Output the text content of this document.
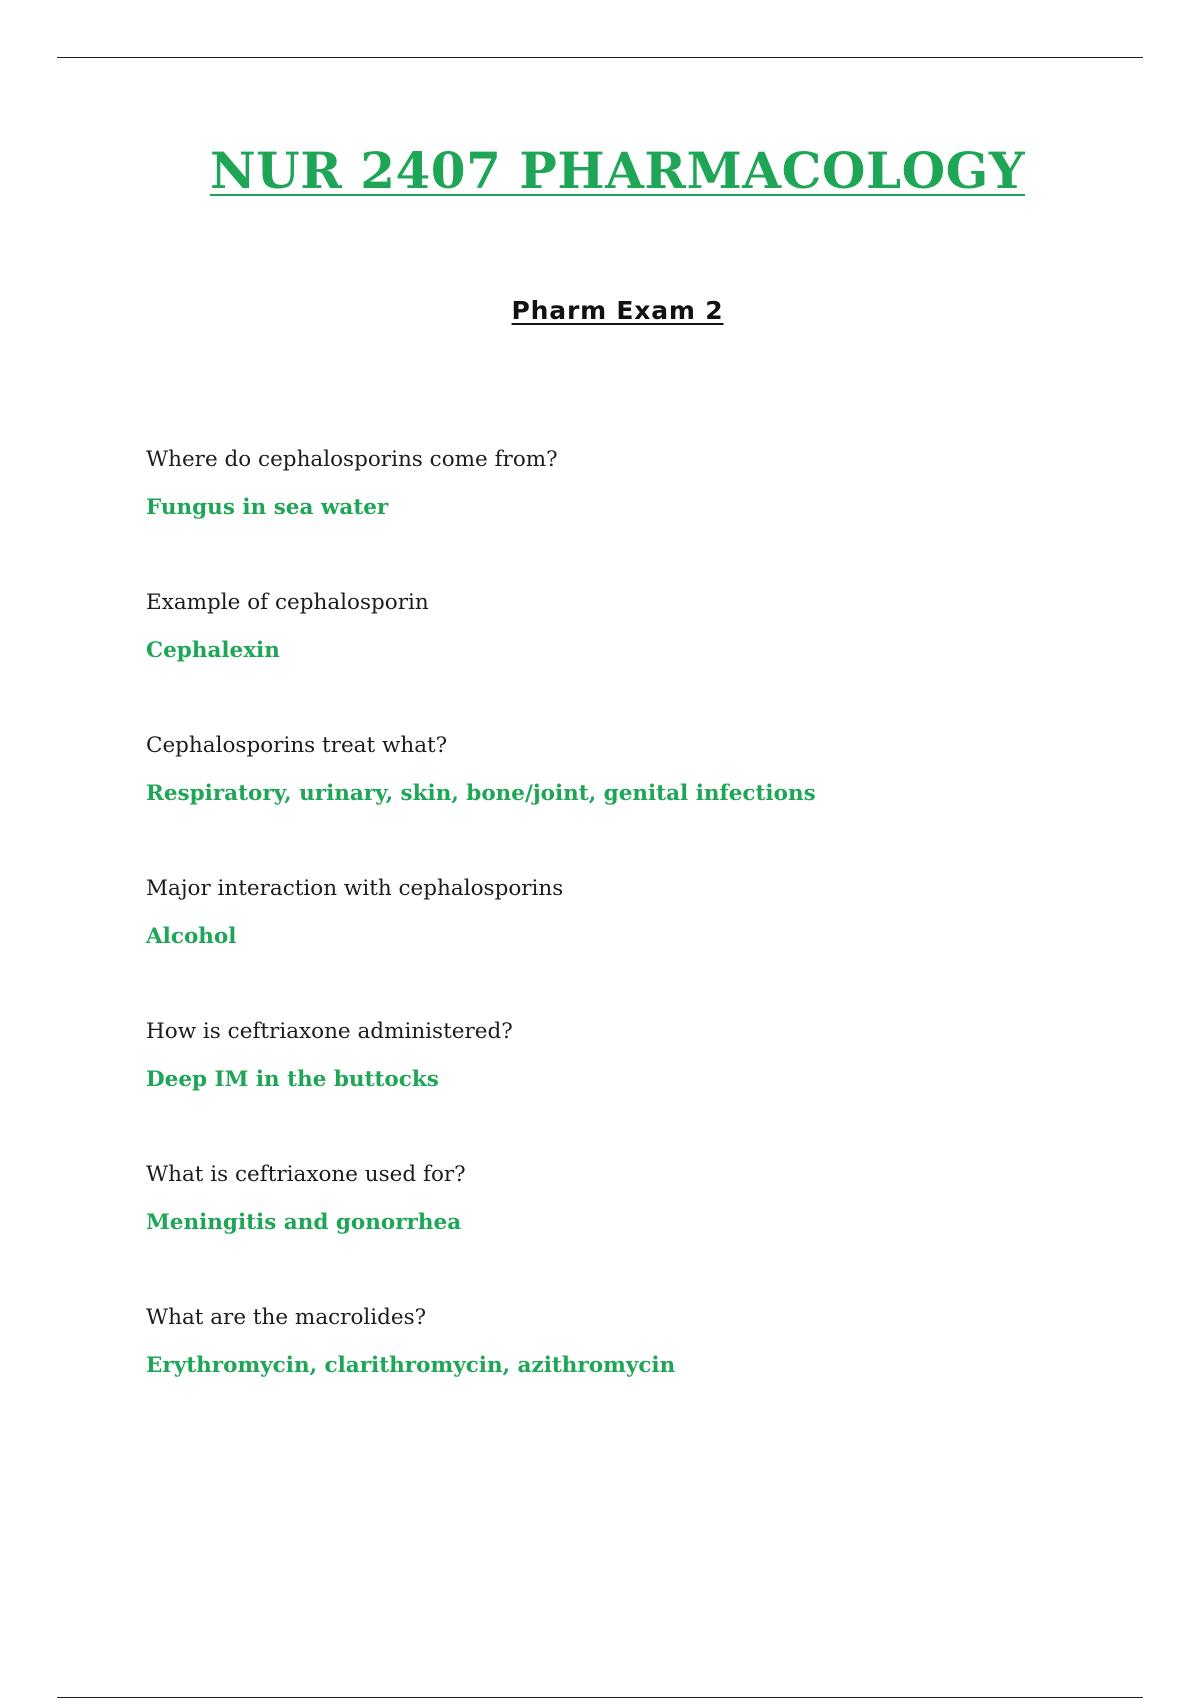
NUR 2407 PHARMACOLOGY
Pharm Exam 2
Where do cephalosporins come from?
Fungus in sea water
Example of cephalosporin
Cephalexin
Cephalosporins treat what?
Respiratory, urinary, skin, bone/joint, genital infections
Major interaction with cephalosporins
Alcohol
How is ceftriaxone administered?
Deep IM in the buttocks
What is ceftriaxone used for?
Meningitis and gonorrhea
What are the macrolides?
Erythromycin, clarithromycin, azithromycin
